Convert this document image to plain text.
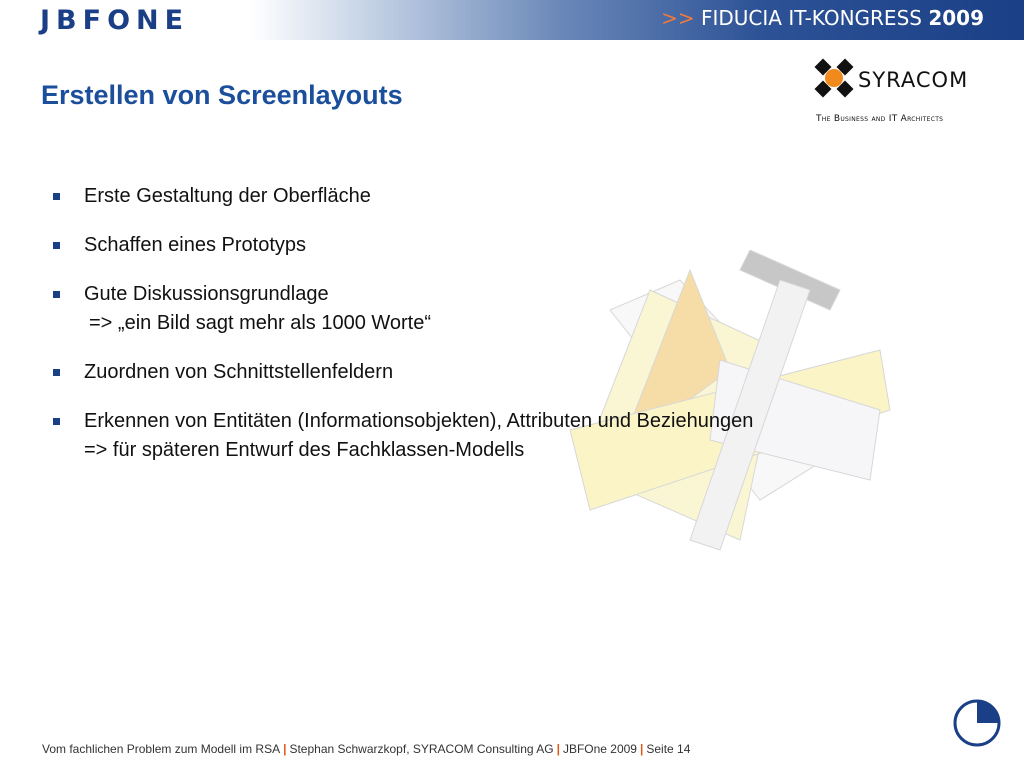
JBFONE	>> FIDUCIA IT-KONGRESS 2009
Erstellen von Screenlayouts	SYRACOM
The Business and IT Architects
Erste Gestaltung der Oberfläche
Schaffen eines Prototyps
Gute Diskussionsgrundlage
=> „ein Bild sagt mehr als 1000 Worte“
Zuordnen von Schnittstellenfeldern
Erkennen von Entitäten (Informationsobjekten), Attributen und Beziehungen
=> für späteren Entwurf des Fachklassen-Modells
Vom fachlichen Problem zum Modell im RSA | Stephan Schwarzkopf, SYRACOM Consulting AG | JBFOne 2009 | Seite 14
